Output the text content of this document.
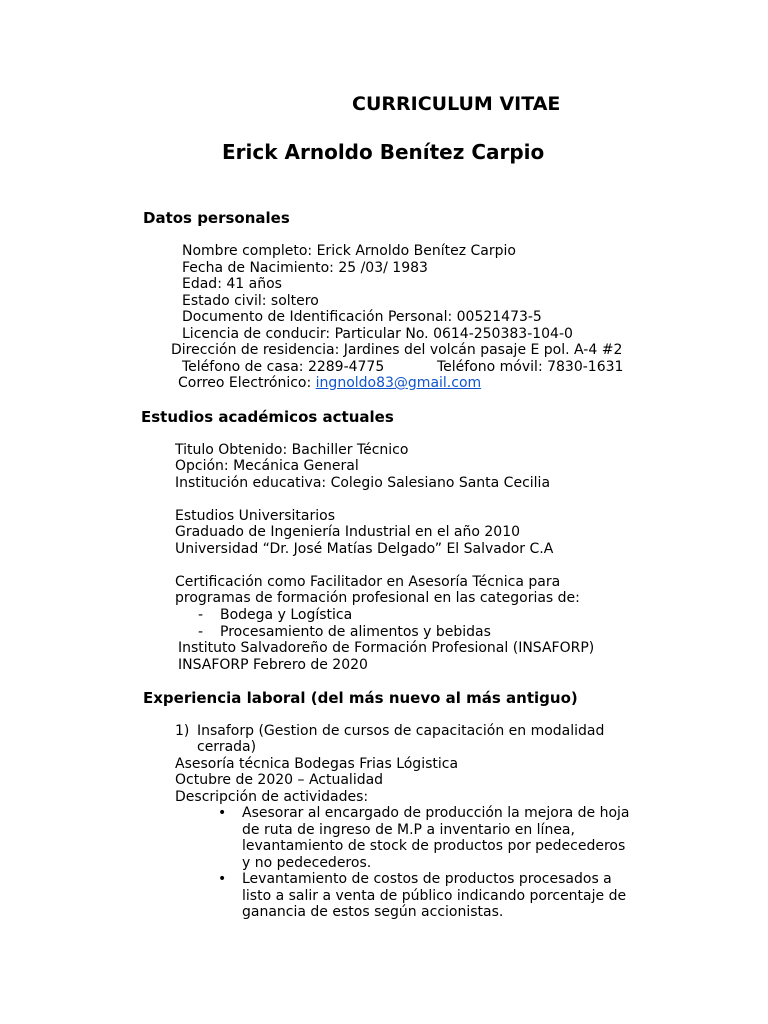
CURRICULUM VITAE
Erick Arnoldo Benítez Carpio
Datos personales
Nombre completo: Erick Arnoldo Benítez Carpio
Fecha de Nacimiento: 25 /03/ 1983
Edad: 41 años
Estado civil: soltero
Documento de Identificación Personal: 00521473-5
Licencia de conducir: Particular No. 0614-250383-104-0
Dirección de residencia: Jardines del volcán pasaje E pol. A-4 #2
Teléfono de casa: 2289-4775	Teléfono móvil: 7830-1631
Correo Electrónico: ingnoldo83@gmail.com
Estudios académicos actuales
Titulo Obtenido: Bachiller Técnico
Opción: Mecánica General
Institución educativa: Colegio Salesiano Santa Cecilia
Estudios Universitarios
Graduado de Ingeniería Industrial en el año 2010
Universidad “Dr. José Matías Delgado” El Salvador C.A
Certificación como Facilitador en Asesoría Técnica para
programas de formación profesional en las categorias de:
- Bodega y Logística
- Procesamiento de alimentos y bebidas
Instituto Salvadoreño de Formación Profesional (INSAFORP)
INSAFORP Febrero de 2020
Experiencia laboral (del más nuevo al más antiguo)
1) Insaforp (Gestion de cursos de capacitación en modalidad
cerrada)
Asesoría técnica Bodegas Frias Lógistica
Octubre de 2020 – Actualidad
Descripción de actividades:
• Asesorar al encargado de producción la mejora de hoja
de ruta de ingreso de M.P a inventario en línea,
levantamiento de stock de productos por pedecederos
y no pedecederos.
• Levantamiento de costos de productos procesados a
listo a salir a venta de público indicando porcentaje de
ganancia de estos según accionistas.
